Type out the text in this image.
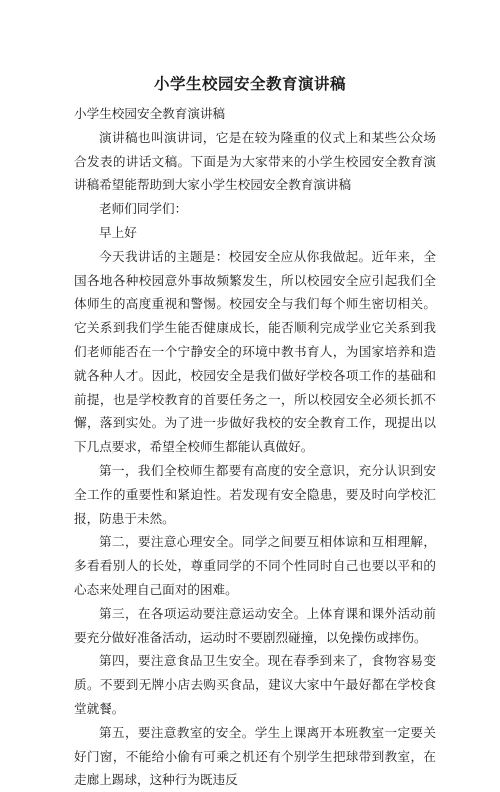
小学生校园安全教育演讲稿

小学生校园安全教育演讲稿

演讲稿也叫演讲词，它是在较为隆重的仪式上和某些公众场合发表的讲话文稿。下面是为大家带来的小学生校园安全教育演讲稿希望能帮助到大家小学生校园安全教育演讲稿

老师们同学们：

早上好

今天我讲话的主题是：校园安全应从你我做起。近年来，全国各地各种校园意外事故频繁发生，所以校园安全应引起我们全体师生的高度重视和警惕。校园安全与我们每个师生密切相关。它关系到我们学生能否健康成长，能否顺利完成学业它关系到我们老师能否在一个宁静安全的环境中教书育人，为国家培养和造就各种人才。因此，校园安全是我们做好学校各项工作的基础和前提，也是学校教育的首要任务之一，所以校园安全必须长抓不懈，落到实处。为了进一步做好我校的安全教育工作，现提出以下几点要求，希望全校师生都能认真做好。

第一，我们全校师生都要有高度的安全意识，充分认识到安全工作的重要性和紧迫性。若发现有安全隐患，要及时向学校汇报，防患于未然。

第二，要注意心理安全。同学之间要互相体谅和互相理解，多看看别人的长处，尊重同学的不同个性同时自己也要以平和的心态来处理自己面对的困难。

第三，在各项运动要注意运动安全。上体育课和课外活动前要充分做好准备活动，运动时不要剧烈碰撞，以免操伤或摔伤。

第四，要注意食品卫生安全。现在春季到来了，食物容易变质。不要到无牌小店去购买食品，建议大家中午最好都在学校食堂就餐。

第五，要注意教室的安全。学生上课离开本班教室一定要关好门窗，不能给小偷有可乘之机还有个别学生把球带到教室，在走廊上踢球，这种行为既违反
